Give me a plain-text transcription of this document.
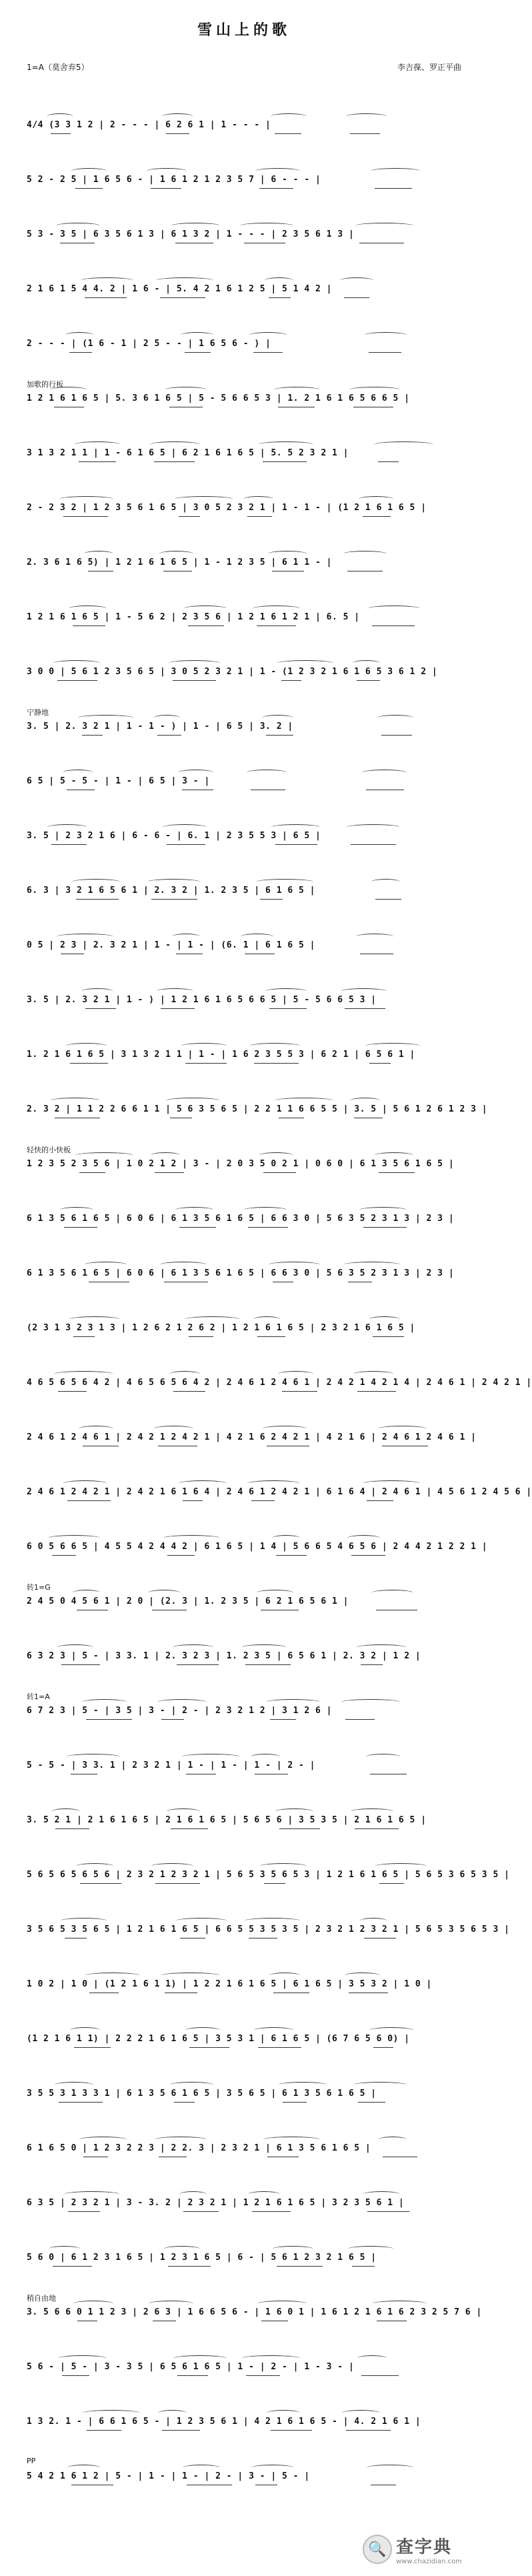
雪山上的歌
1=A（莫舍弃5）	李吉葆、罗正平曲
4/4 (3 3 1 2 | 2 - - - | 6 2 6 1 | 1 - - - |
5 2 - 2 5 | 1 6 5 6 - | 1 6 1 2 1 2 3 5 7 | 6 - - - |
5 3 - 3 5 | 6 3 5 6 1 3 | 6 1 3 2 | 1 - - - | 2 3 5 6 1 3 |
2 1 6 1 5 4 4. 2 | 1 6 - | 5. 4 2 1 6 1 2 5 | 5 1 4 2 |
2 - - - | (1 6 - 1 | 2 5 - - | 1 6 5 6 - ) |
加歌的行板
1 2 1 6 1 6 5 | 5. 3 6 1 6 5 | 5 - 5 6 6 5 3 | 1. 2 1 6 1 6 5 6 6 5 |
3 1 3 2 1 1 | 1 - 6 1 6 5 | 6 2 1 6 1 6 5 | 5. 5 2 3 2 1 |
2 - 2 3 2 | 1 2 3 5 6 1 6 5 | 3 0 5 2 3 2 1 | 1 - 1 - | (1 2 1 6 1 6 5 |
2. 3 6 1 6 5) | 1 2 1 6 1 6 5 | 1 - 1 2 3 5 | 6 1 1 - |
1 2 1 6 1 6 5 | 1 - 5 6 2 | 2 3 5 6 | 1 2 1 6 1 2 1 | 6. 5 |
3 0 0 | 5 6 1 2 3 5 6 5 | 3 0 5 2 3 2 1 | 1 - (1 2 3 2 1 6 1 6 5 3 6 1 2 |
宁静地
3. 5 | 2. 3 2 1 | 1 - 1 - ) | 1 - | 6 5 | 3. 2 |
6 5 | 5 - 5 - | 1 - | 6 5 | 3 - |
3. 5 | 2 3 2 1 6 | 6 - 6 - | 6. 1 | 2 3 5 5 3 | 6 5 |
6. 3 | 3 2 1 6 5 6 1 | 2. 3 2 | 1. 2 3 5 | 6 1 6 5 |
0 5 | 2 3 | 2. 3 2 1 | 1 - | 1 - | (6. 1 | 6 1 6 5 |
3. 5 | 2. 3 2 1 | 1 - ) | 1 2 1 6 1 6 5 6 6 5 | 5 - 5 6 6 5 3 |
1. 2 1 6 1 6 5 | 3 1 3 2 1 1 | 1 - | 1 6 2 3 5 5 3 | 6 2 1 | 6 5 6 1 |
2. 3 2 | 1 1 2 2 6 6 1 1 | 5 6 3 5 6 5 | 2 2 1 1 6 6 5 5 | 3. 5 | 5 6 1 2 6 1 2 3 |
轻快的小快板
1 2 3 5 2 3 5 6 | 1 0 2 1 2 | 3 - | 2 0 3 5 0 2 1 | 0 6 0 | 6 1 3 5 6 1 6 5 |
6 1 3 5 6 1 6 5 | 6 0 6 | 6 1 3 5 6 1 6 5 | 6 6 3 0 | 5 6 3 5 2 3 1 3 | 2 3 |
6 1 3 5 6 1 6 5 | 6 0 6 | 6 1 3 5 6 1 6 5 | 6 6 3 0 | 5 6 3 5 2 3 1 3 | 2 3 |
(2 3 1 3 2 3 1 3 | 1 2 6 2 1 2 6 2 | 1 2 1 6 1 6 5 | 2 3 2 1 6 1 6 5 |
4 6 5 6 5 6 4 2 | 4 6 5 6 5 6 4 2 | 2 4 6 1 2 4 6 1 | 2 4 2 1 4 2 1 4 | 2 4 6 1 | 2 4 2 1 |
2 4 6 1 2 4 6 1 | 2 4 2 1 2 4 2 1 | 4 2 1 6 2 4 2 1 | 4 2 1 6 | 2 4 6 1 2 4 6 1 |
2 4 6 1 2 4 2 1 | 2 4 2 1 6 1 6 4 | 2 4 6 1 2 4 2 1 | 6 1 6 4 | 2 4 6 1 | 4 5 6 1 2 4 5 6 |
6 0 5 6 6 5 | 4 5 5 4 2 4 4 2 | 6 1 6 5 | 1 4 | 5 6 6 5 4 6 5 6 | 2 4 4 2 1 2 2 1 |
转1=G
2 4 5 0 4 5 6 1 | 2 0 | (2. 3 | 1. 2 3 5 | 6 2 1 6 5 6 1 |
6 3 2 3 | 5 - | 3 3. 1 | 2. 3 2 3 | 1. 2 3 5 | 6 5 6 1 | 2. 3 2 | 1 2 |
转1=A
6 7 2 3 | 5 - | 3 5 | 3 - | 2 - | 2 3 2 1 2 | 3 1 2 6 |
5 - 5 - | 3 3. 1 | 2 3 2 1 | 1 - | 1 - | 1 - | 2 - |
3. 5 2 1 | 2 1 6 1 6 5 | 2 1 6 1 6 5 | 5 6 5 6 | 3 5 3 5 | 2 1 6 1 6 5 |
5 6 5 6 5 6 5 6 | 2 3 2 1 2 3 2 1 | 5 6 5 3 5 6 5 3 | 1 2 1 6 1 6 5 | 5 6 5 3 6 5 3 5 |
3 5 6 5 3 5 6 5 | 1 2 1 6 1 6 5 | 6 6 5 5 3 5 3 5 | 2 3 2 1 2 3 2 1 | 5 6 5 3 5 6 5 3 |
1 0 2 | 1 0 | (1 2 1 6 1 1) | 1 2 2 1 6 1 6 5 | 6 1 6 5 | 3 5 3 2 | 1 0 |
(1 2 1 6 1 1) | 2 2 2 1 6 1 6 5 | 3 5 3 1 | 6 1 6 5 | (6 7 6 5 6 0) |
3 5 5 3 1 3 3 1 | 6 1 3 5 6 1 6 5 | 3 5 6 5 | 6 1 3 5 6 1 6 5 |
6 1 6 5 0 | 1 2 3 2 2 3 | 2 2. 3 | 2 3 2 1 | 6 1 3 5 6 1 6 5 |
6 3 5 | 2 3 2 1 | 3 - 3. 2 | 2 3 2 1 | 1 2 1 6 1 6 5 | 3 2 3 5 6 1 |
5 6 0 | 6 1 2 3 1 6 5 | 1 2 3 1 6 5 | 6 - | 5 6 1 2 3 2 1 6 5 |
稍自由地
3. 5 6 6 0 1 1 2 3 | 2 6 3 | 1 6 6 5 6 - | 1 6 0 1 | 1 6 1 2 1 6 1 6 2 3 2 5 7 6 |
5 6 - | 5 - | 3 - 3 5 | 6 5 6 1 6 5 | 1 - | 2 - | 1 - 3 - |
1 3 2. 1 - | 6 6 1 6 5 - | 1 2 3 5 6 1 | 4 2 1 6 1 6 5 - | 4. 2 1 6 1 |
PP
5 4 2 1 6 1 2 | 5 - | 1 - | 1 - | 2 - | 3 - | 5 - |
🔍 查字典
www.chazidian.com
